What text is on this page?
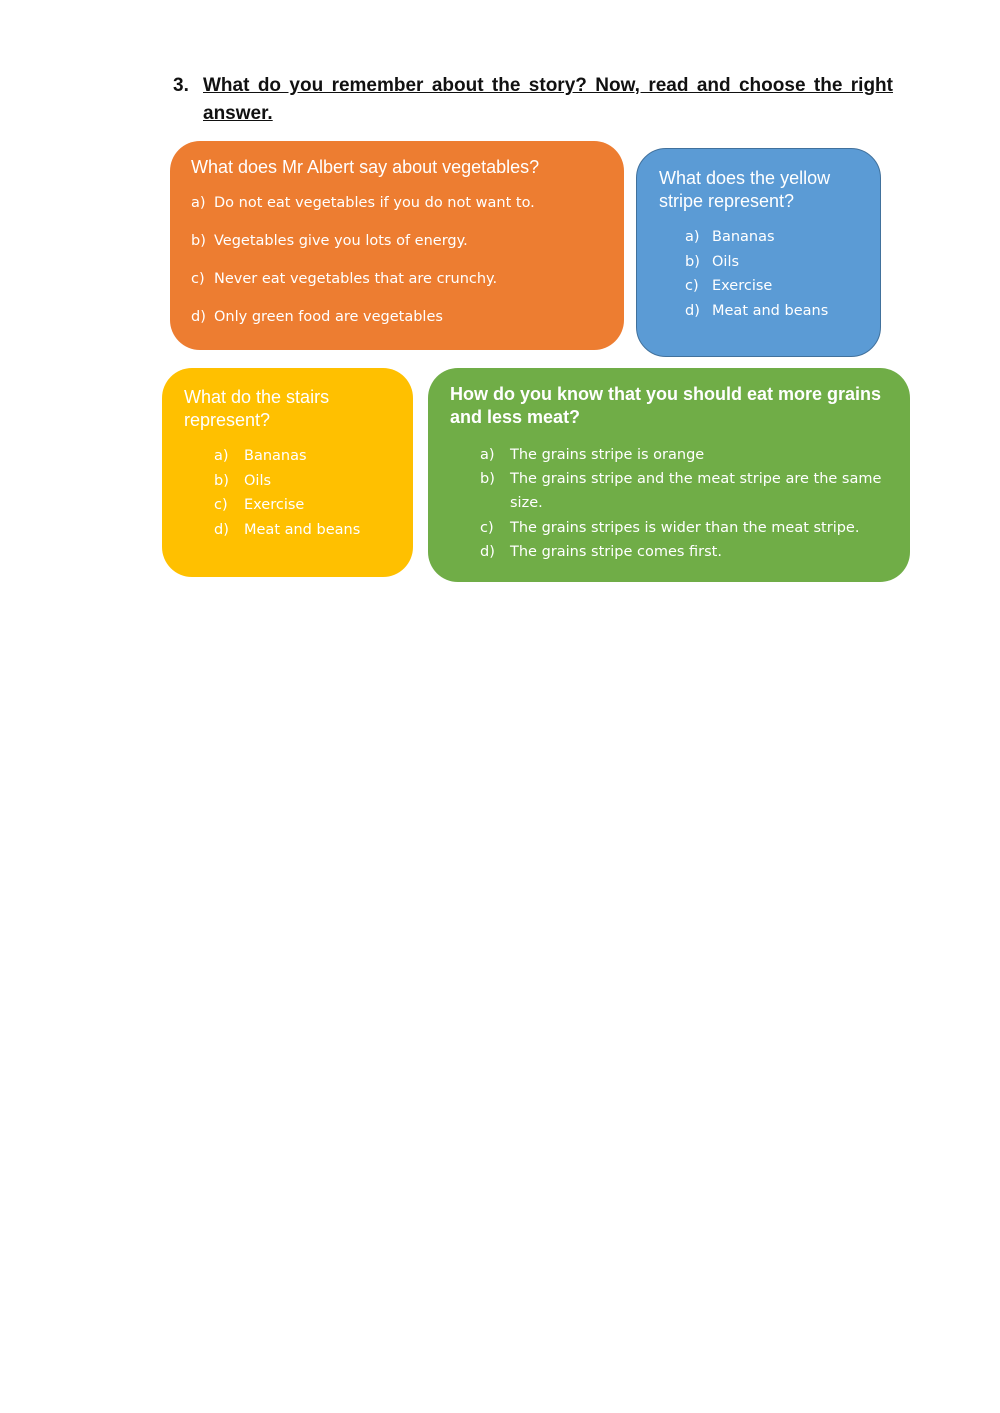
3. What do you remember about the story? Now, read and choose the right answer.
What does Mr Albert say about vegetables?
a) Do not eat vegetables if you do not want to.
b) Vegetables give you lots of energy.
c) Never eat vegetables that are crunchy.
d) Only green food are vegetables
What does the yellow stripe represent?
a) Bananas
b) Oils
c) Exercise
d) Meat and beans
What do the stairs represent?
a)	Bananas
b)	Oils
c)	Exercise
d)	Meat and beans
How do you know that you should eat more grains and less meat?
a)	The grains stripe is orange
b)	The grains stripe and the meat stripe are the same size.
c)	The grains stripes is wider than the meat stripe.
d)	The grains stripe comes first.
